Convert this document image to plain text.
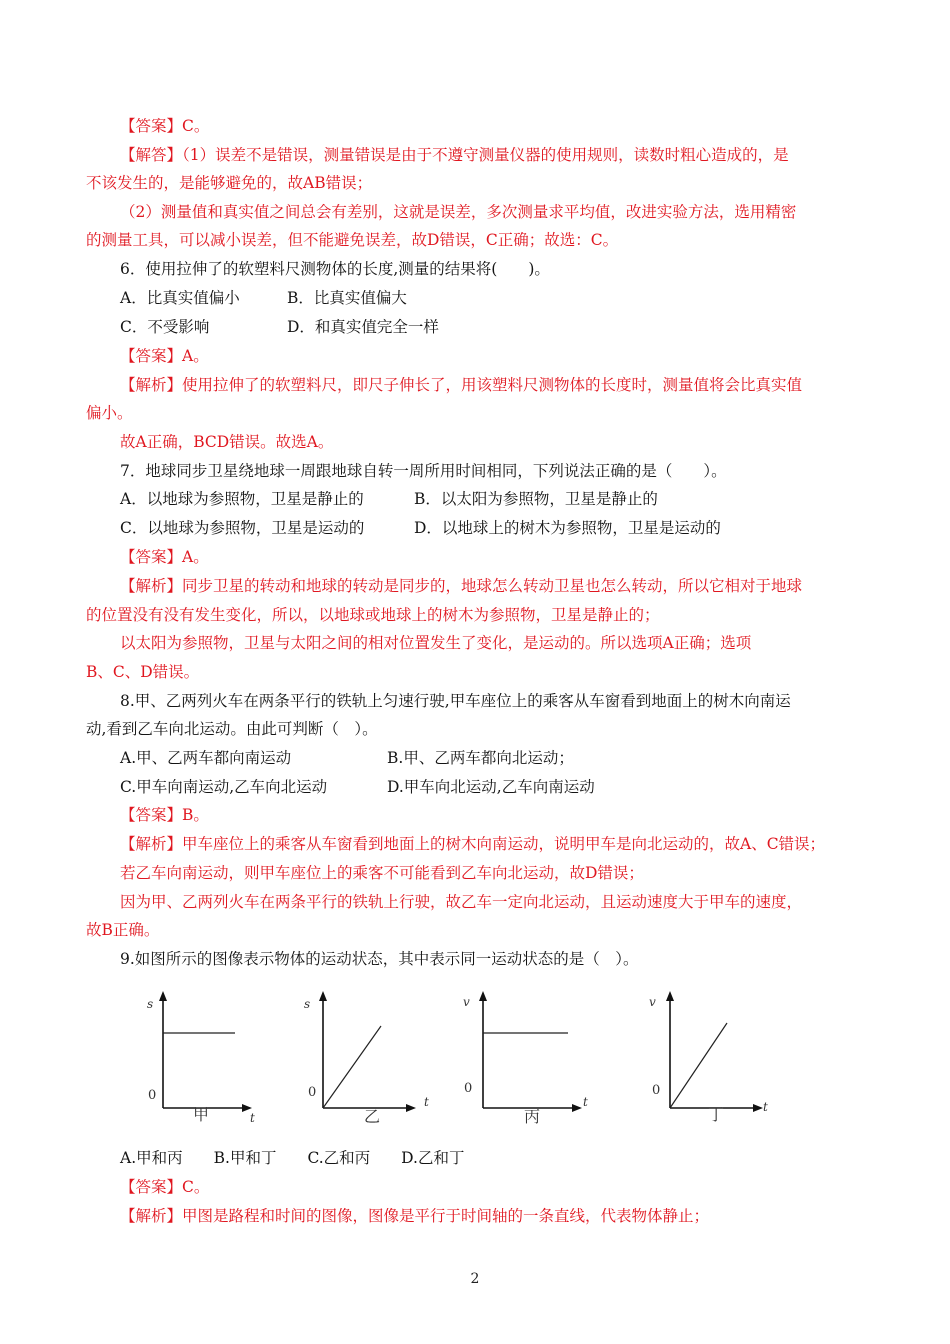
【答案】C。
【解答】（1）误差不是错误，测量错误是由于不遵守测量仪器的使用规则，读数时粗心造成的，是
不该发生的，是能够避免的，故AB错误；
（2）测量值和真实值之间总会有差别，这就是误差，多次测量求平均值，改进实验方法，选用精密
的测量工具，可以减小误差，但不能避免误差，故D错误，C正确；故选：C。
6．使用拉伸了的软塑料尺测物体的长度,测量的结果将(　　)。
A．比真实值偏小	B．比真实值偏大
C．不受影响	D．和真实值完全一样
【答案】A。
【解析】使用拉伸了的软塑料尺，即尺子伸长了，用该塑料尺测物体的长度时，测量值将会比真实值
偏小。
故A正确，BCD错误。故选A。
7．地球同步卫星绕地球一周跟地球自转一周所用时间相同，下列说法正确的是（　　）。
A．以地球为参照物，卫星是静止的	B．以太阳为参照物，卫星是静止的
C．以地球为参照物，卫星是运动的	D．以地球上的树木为参照物，卫星是运动的
【答案】A。
【解析】同步卫星的转动和地球的转动是同步的，地球怎么转动卫星也怎么转动，所以它相对于地球
的位置没有没有发生变化，所以，以地球或地球上的树木为参照物，卫星是静止的；
以太阳为参照物，卫星与太阳之间的相对位置发生了变化，是运动的。所以选项A正确；选项
B、C、D错误。
8.甲、乙两列火车在两条平行的铁轨上匀速行驶,甲车座位上的乘客从车窗看到地面上的树木向南运
动,看到乙车向北运动。由此可判断（　）。
A.甲、乙两车都向南运动	B.甲、乙两车都向北运动；
C.甲车向南运动,乙车向北运动	D.甲车向北运动,乙车向南运动
【答案】B。
【解析】甲车座位上的乘客从车窗看到地面上的树木向南运动，说明甲车是向北运动的，故A、C错误；
若乙车向南运动，则甲车座位上的乘客不可能看到乙车向北运动，故D错误；
因为甲、乙两列火车在两条平行的铁轨上行驶，故乙车一定向北运动，且运动速度大于甲车的速度，
故B正确。
9.如图所示的图像表示物体的运动状态，其中表示同一运动状态的是（　）。
s
0
t
甲
s
0
t
乙
v
0
t
丙
v
0
t
丁
A.甲和丙　　B.甲和丁　　C.乙和丙　　D.乙和丁
【答案】C。
【解析】甲图是路程和时间的图像，图像是平行于时间轴的一条直线，代表物体静止；
2
